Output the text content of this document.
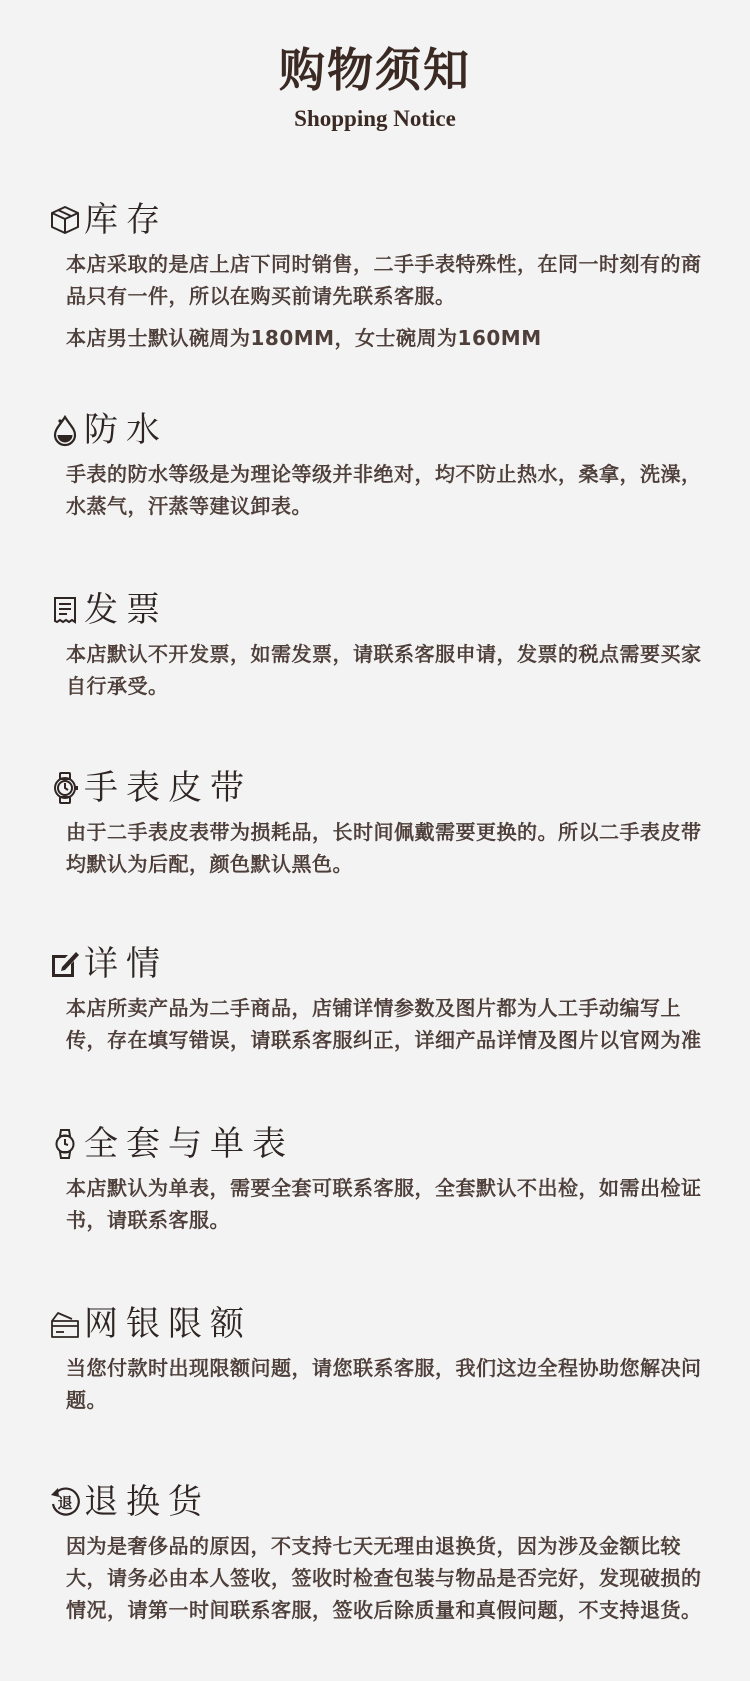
购物须知
Shopping Notice
库存

本店采取的是店上店下同时销售，二手手表特殊性，在同一时刻有的商品只有一件，所以在购买前请先联系客服。

本店男士默认碗周为180MM，女士碗周为160MM

防水

手表的防水等级是为理论等级并非绝对，均不防止热水，桑拿，洗澡，水蒸气，汗蒸等建议卸表。

发票

本店默认不开发票，如需发票，请联系客服申请，发票的税点需要买家自行承受。

手表皮带

由于二手表皮表带为损耗品，长时间佩戴需要更换的。所以二手表皮带均默认为后配，颜色默认黑色。

详情

本店所卖产品为二手商品，店铺详情参数及图片都为人工手动编写上传，存在填写错误，请联系客服纠正，详细产品详情及图片以官网为准

全套与单表

本店默认为单表，需要全套可联系客服，全套默认不出检，如需出检证书，请联系客服。

网银限额

当您付款时出现限额问题，请您联系客服，我们这边全程协助您解决问题。

退 退换货

因为是奢侈品的原因，不支持七天无理由退换货，因为涉及金额比较大，请务必由本人签收，签收时检查包装与物品是否完好，发现破损的情况，请第一时间联系客服，签收后除质量和真假问题，不支持退货。
